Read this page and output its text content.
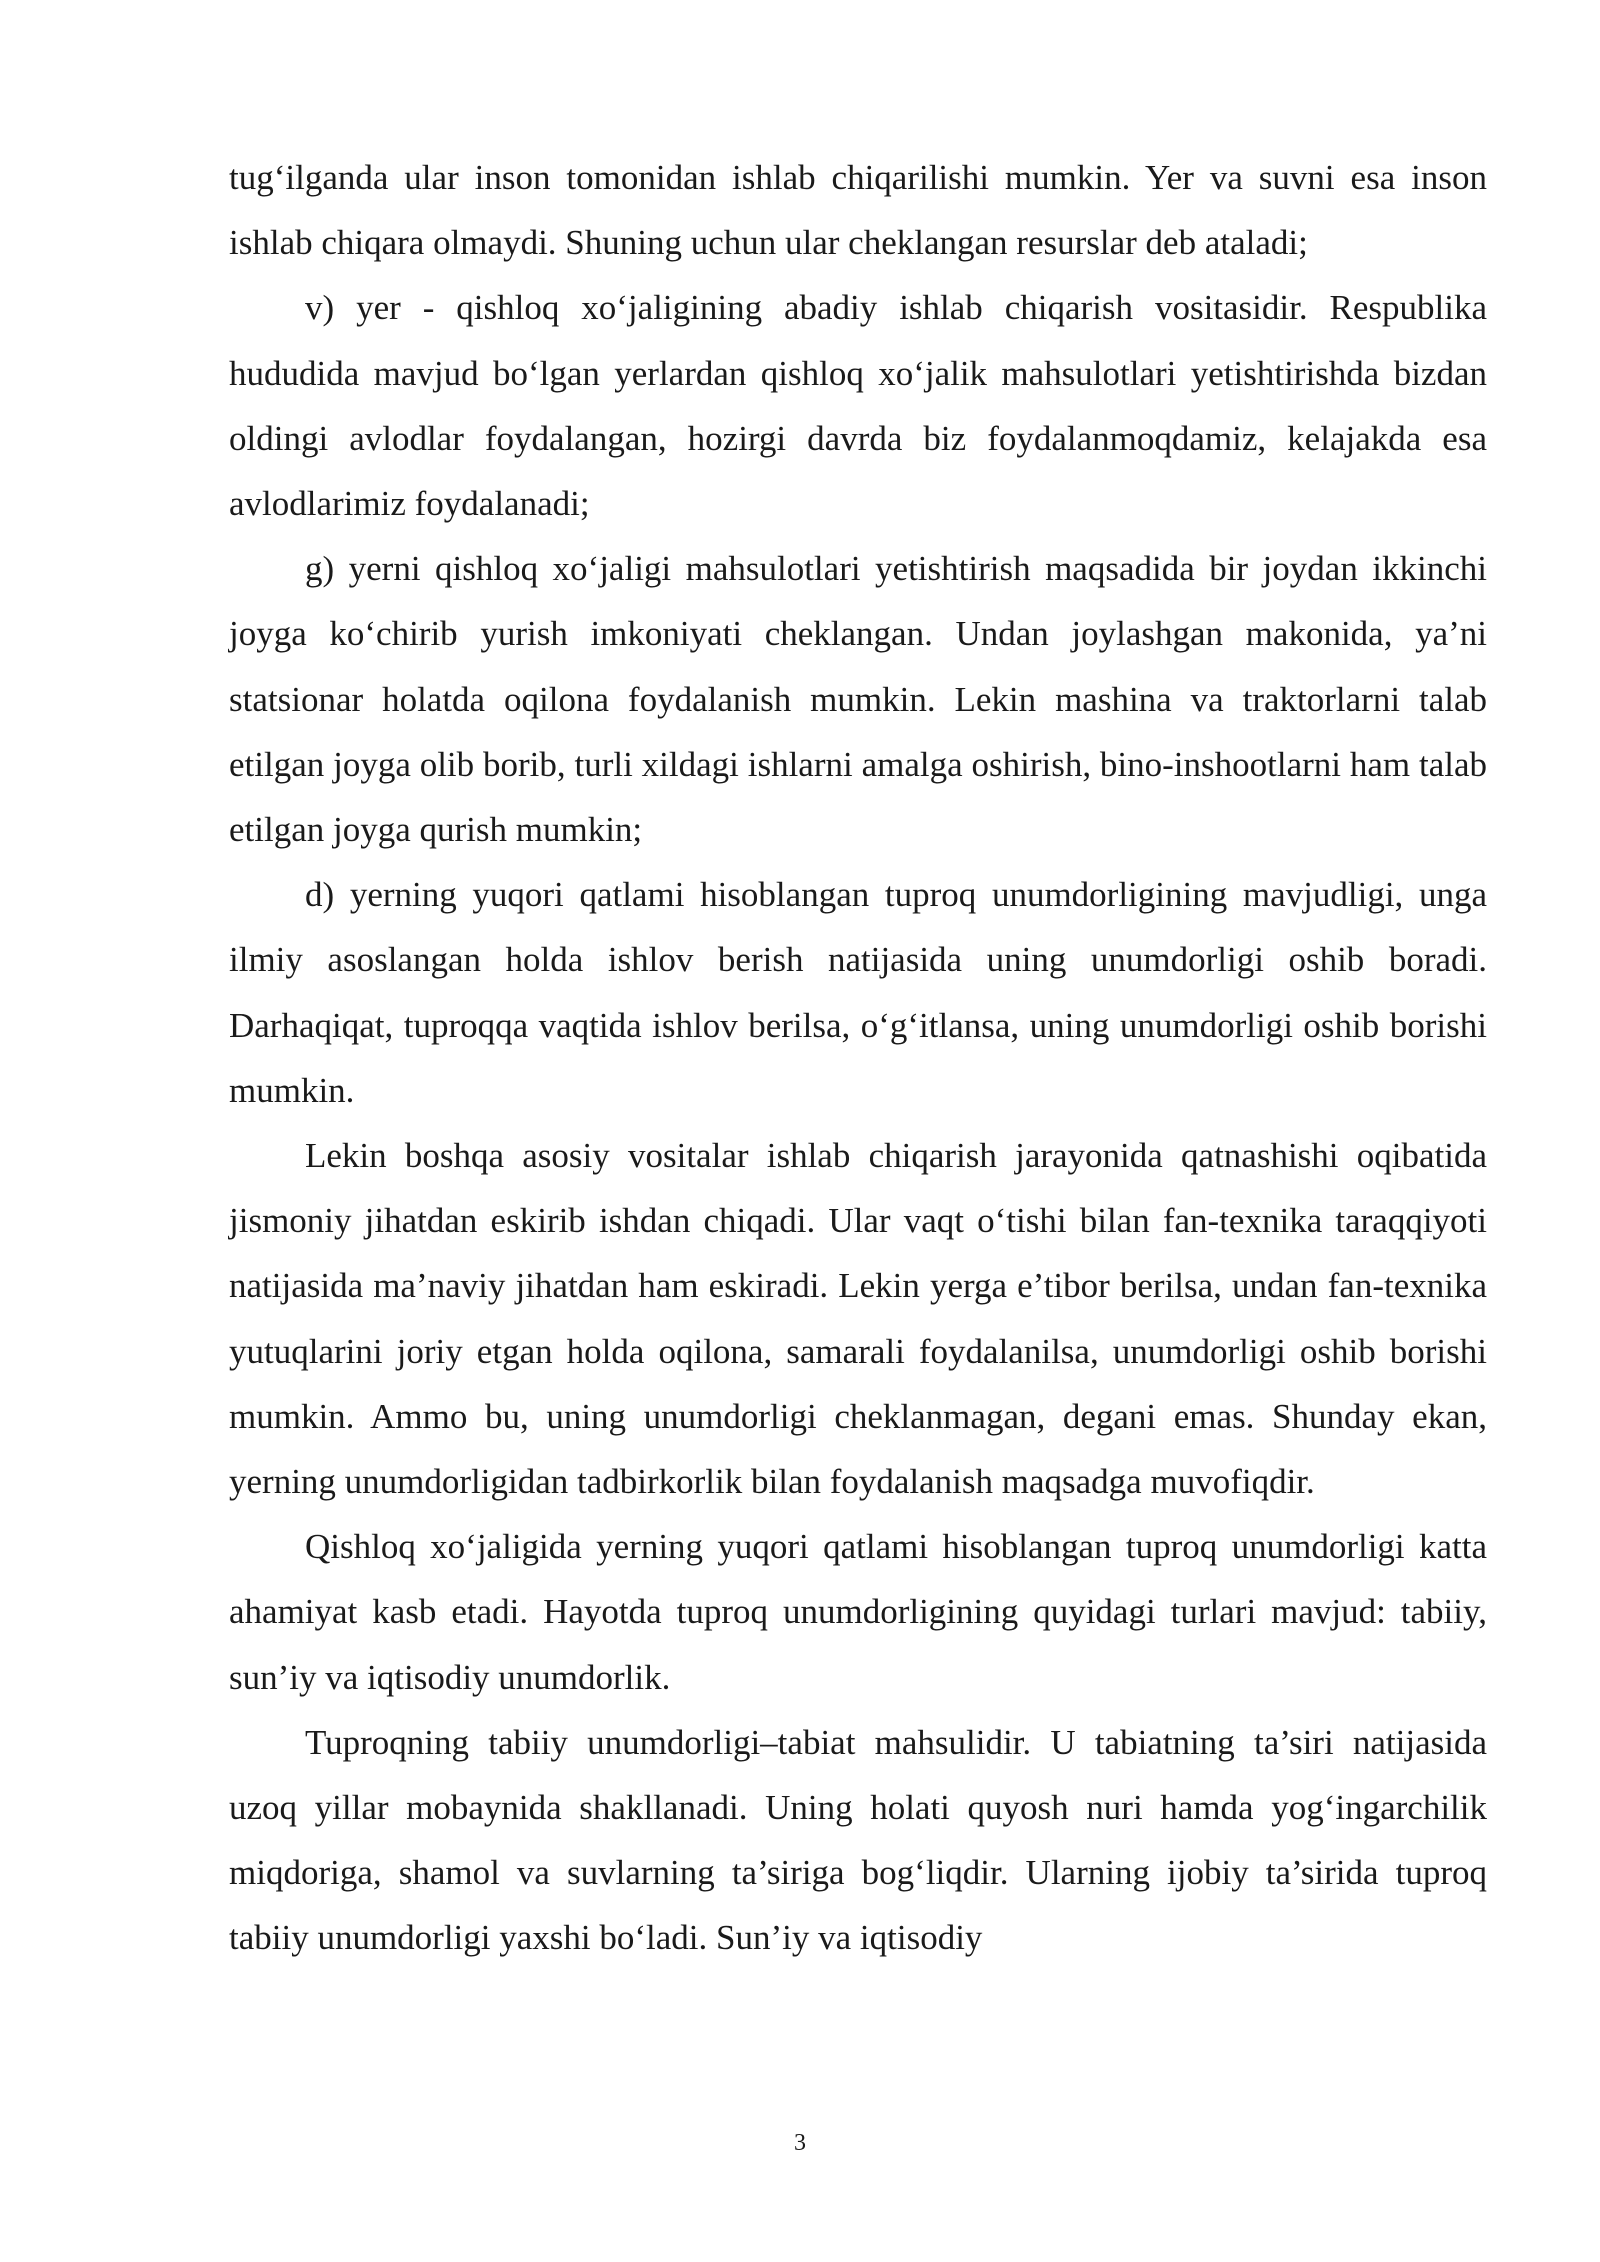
tug‘ilganda ular inson tomonidan ishlab chiqarilishi mumkin. Yer va suvni esa inson ishlab chiqara olmaydi. Shuning uchun ular cheklangan resurslar deb ataladi;

v) yer - qishloq xo‘jaligining abadiy ishlab chiqarish vositasidir. Respublika hududida mavjud bo‘lgan yerlardan qishloq xo‘jalik mahsulotlari yetishtirishda bizdan oldingi avlodlar foydalangan, hozirgi davrda biz foydalanmoqdamiz, kelajakda esa avlodlarimiz foydalanadi;

g) yerni qishloq xo‘jaligi mahsulotlari yetishtirish maqsadida bir joydan ikkinchi joyga ko‘chirib yurish imkoniyati cheklangan. Undan joylashgan makonida, ya’ni statsionar holatda oqilona foydalanish mumkin. Lekin mashina va traktorlarni talab etilgan joyga olib borib, turli xildagi ishlarni amalga oshirish, bino-inshootlarni ham talab etilgan joyga qurish mumkin;

d) yerning yuqori qatlami hisoblangan tuproq unumdorligining mavjudligi, unga ilmiy asoslangan holda ishlov berish natijasida uning unumdorligi oshib boradi. Darhaqiqat, tuproqqa vaqtida ishlov berilsa, o‘g‘itlansa, uning unumdorligi oshib borishi mumkin.

Lekin boshqa asosiy vositalar ishlab chiqarish jarayonida qatnashishi oqibatida jismoniy jihatdan eskirib ishdan chiqadi. Ular vaqt o‘tishi bilan fan-texnika taraqqiyoti natijasida ma’naviy jihatdan ham eskiradi. Lekin yerga e’tibor berilsa, undan fan-texnika yutuqlarini joriy etgan holda oqilona, samarali foydalanilsa, unumdorligi oshib borishi mumkin. Ammo bu, uning unumdorligi cheklanmagan, degani emas. Shunday ekan, yerning unumdorligidan tadbirkorlik bilan foydalanish maqsadga muvofiqdir.

Qishloq xo‘jaligida yerning yuqori qatlami hisoblangan tuproq unumdorligi katta ahamiyat kasb etadi. Hayotda tuproq unumdorligining quyidagi turlari mavjud: tabiiy, sun’iy va iqtisodiy unumdorlik.

Tuproqning tabiiy unumdorligi–tabiat mahsulidir. U tabiatning ta’siri natijasida uzoq yillar mobaynida shakllanadi. Uning holati quyosh nuri hamda yog‘ingarchilik miqdoriga, shamol va suvlarning ta’siriga bog‘liqdir. Ularning ijobiy ta’sirida tuproq tabiiy unumdorligi yaxshi bo‘ladi. Sun’iy va iqtisodiy

3
